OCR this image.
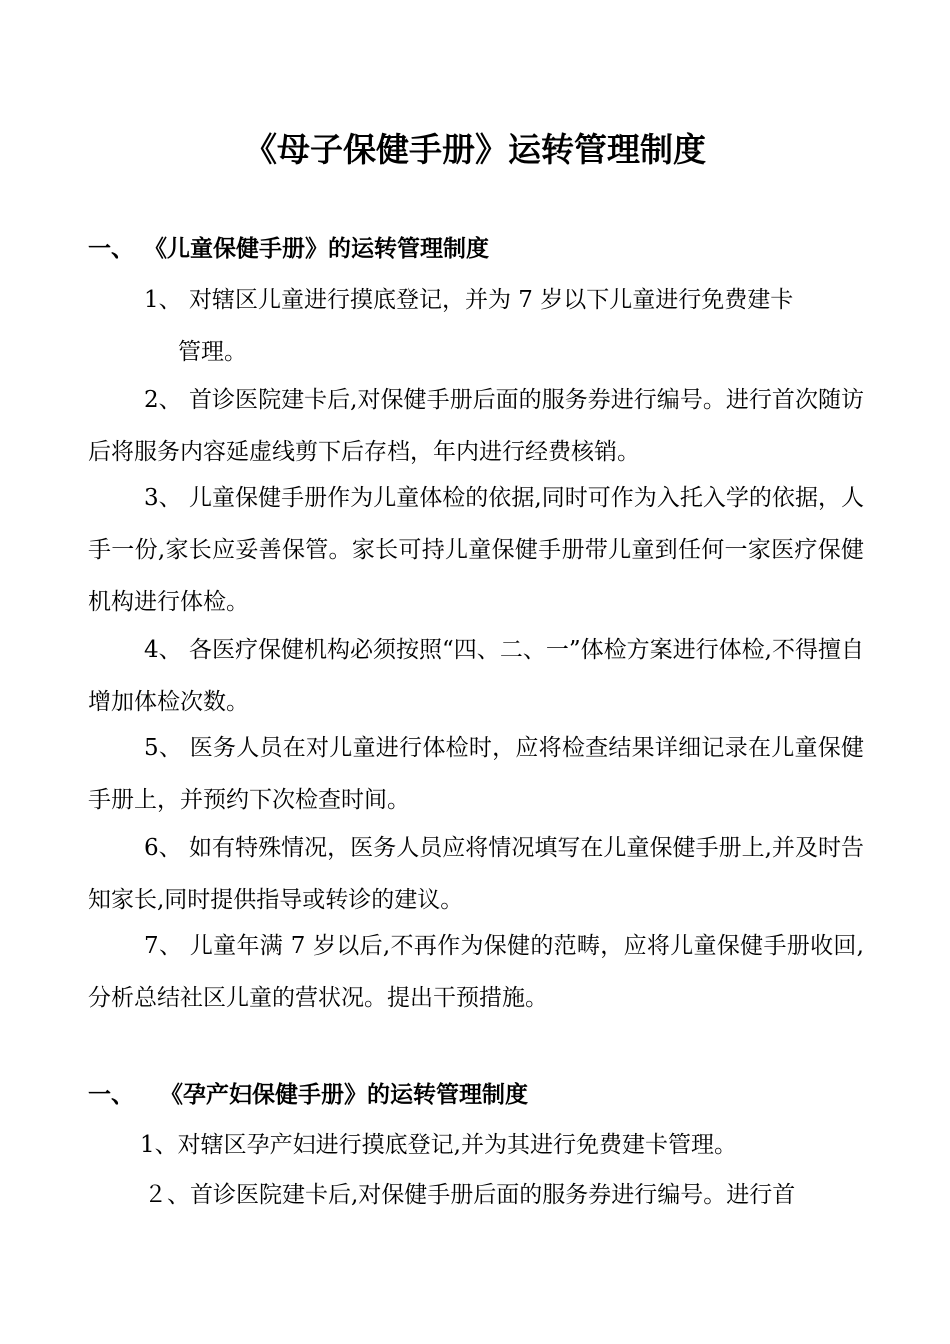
《母子保健手册》运转管理制度
一、 《儿童保健手册》的运转管理制度
1、 对辖区儿童进行摸底登记，并为 7 岁以下儿童进行免费建卡
管理。
2、 首诊医院建卡后,对保健手册后面的服务券进行编号。进行首次随访后将服务内容延虚线剪下后存档，年内进行经费核销。
3、 儿童保健手册作为儿童体检的依据,同时可作为入托入学的依据，人手一份,家长应妥善保管。家长可持儿童保健手册带儿童到任何一家医疗保健机构进行体检。
4、 各医疗保健机构必须按照“四、二、一”体检方案进行体检,不得擅自增加体检次数。
5、 医务人员在对儿童进行体检时，应将检查结果详细记录在儿童保健手册上，并预约下次检查时间。
6、 如有特殊情况，医务人员应将情况填写在儿童保健手册上,并及时告知家长,同时提供指导或转诊的建议。
7、 儿童年满 7 岁以后,不再作为保健的范畴，应将儿童保健手册收回,分析总结社区儿童的营状况。提出干预措施。
一、 《孕产妇保健手册》的运转管理制度
1、对辖区孕产妇进行摸底登记,并为其进行免费建卡管理。
２、首诊医院建卡后,对保健手册后面的服务券进行编号。进行首
